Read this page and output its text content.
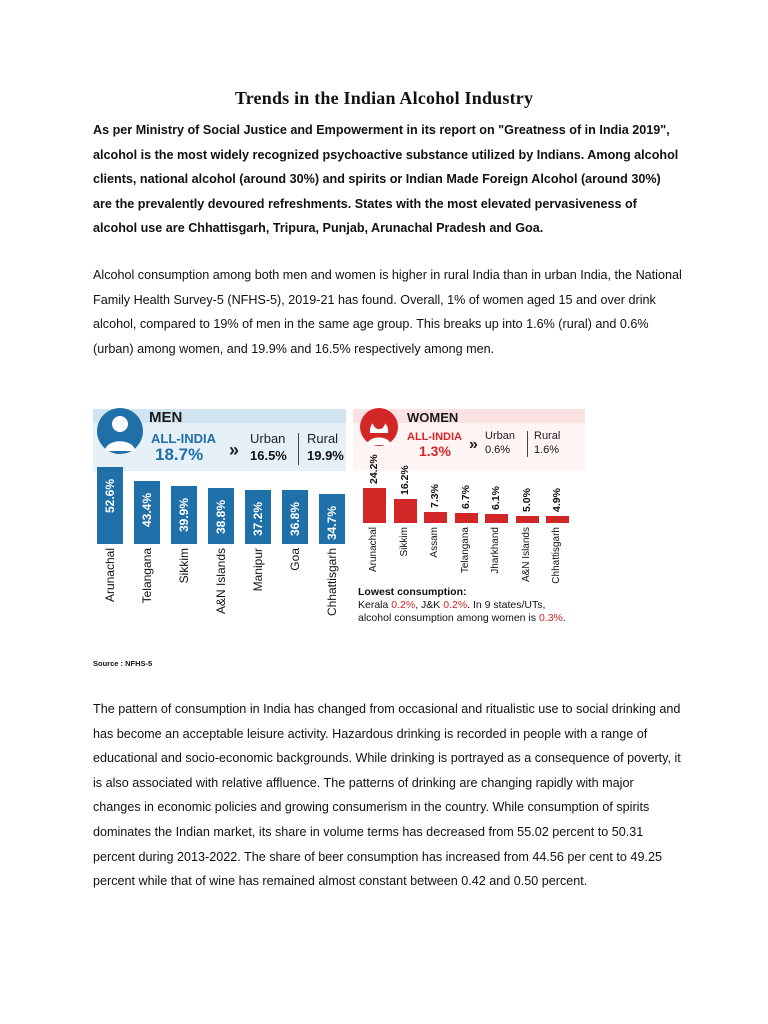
Trends in the Indian Alcohol Industry

As per Ministry of Social Justice and Empowerment in its report on "Greatness of in India 2019", alcohol is the most widely recognized psychoactive substance utilized by Indians. Among alcohol clients, national alcohol (around 30%) and spirits or Indian Made Foreign Alcohol (around 30%) are the prevalently devoured refreshments. States with the most elevated pervasiveness of alcohol use are Chhattisgarh, Tripura, Punjab, Arunachal Pradesh and Goa.

Alcohol consumption among both men and women is higher in rural India than in urban India, the National Family Health Survey-5 (NFHS-5), 2019-21 has found. Overall, 1% of women aged 15 and over drink alcohol, compared to 19% of men in the same age group. This breaks up into 1.6% (rural) and 0.6% (urban) among women, and 19.9% and 16.5% respectively among men.

MEN
ALL-INDIA
18.7% »
Urban
16.5%
Rural
19.9%
52.6%
Arunachal
43.4%
Telangana
39.9%
Sikkim
38.8%
A&N Islands
37.2%
Manipur
36.8%
Goa
34.7%
Chhattisgarh
WOMEN
ALL-INDIA
1.3% » Urban
0.6%
Rural
1.6%
Lowest consumption:
Kerala 0.2%, J&K 0.2%. In 9 states/UTs,
alcohol consumption among women is 0.3%.
24.2%
Arunachal
16.2%
Sikkim
7.3%
Assam
6.7%
Telangana
6.1%
Jharkhand
5.0%
A&N Islands
4.9%
Chhattisgarh
Source : NFHS-5

The pattern of consumption in India has changed from occasional and ritualistic use to social drinking and has become an acceptable leisure activity. Hazardous drinking is recorded in people with a range of educational and socio-economic backgrounds. While drinking is portrayed as a consequence of poverty, it is also associated with relative affluence. The patterns of drinking are changing rapidly with major changes in economic policies and growing consumerism in the country. While consumption of spirits dominates the Indian market, its share in volume terms has decreased from 55.02 percent to 50.31 percent during 2013-2022. The share of beer consumption has increased from 44.56 per cent to 49.25 percent while that of wine has remained almost constant between 0.42 and 0.50 percent.
